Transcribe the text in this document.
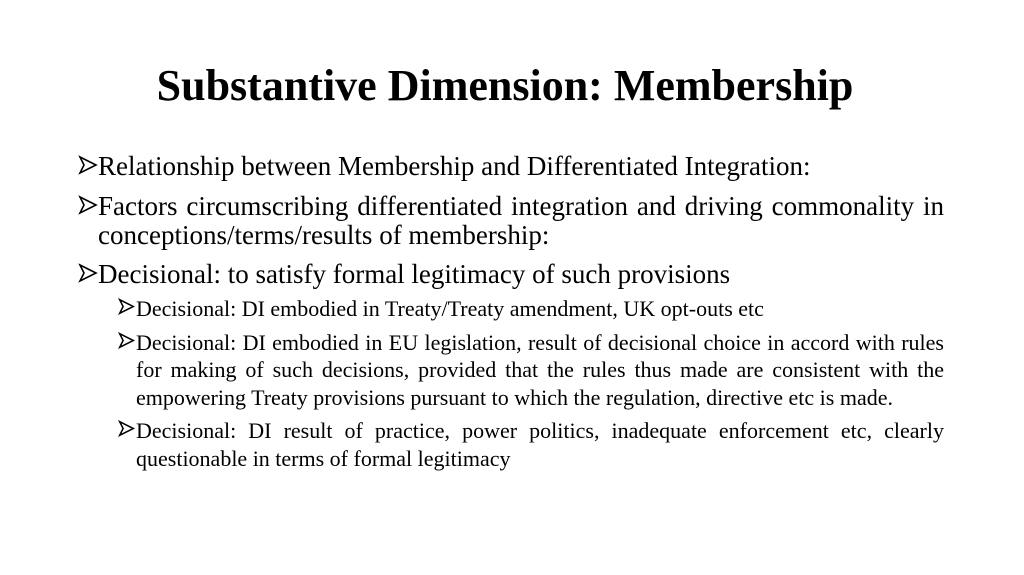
Substantive Dimension: Membership
Relationship between Membership and Differentiated Integration:
Factors circumscribing differentiated integration and driving commonality in conceptions/terms/results of membership:
Decisional: to satisfy formal legitimacy of such provisions
Decisional: DI embodied in Treaty/Treaty amendment, UK opt-outs etc
Decisional: DI embodied in EU legislation, result of decisional choice in accord with rules for making of such decisions, provided that the rules thus made are consistent with the empowering Treaty provisions pursuant to which the regulation, directive etc is made.
Decisional: DI result of practice, power politics, inadequate enforcement etc, clearly questionable in terms of formal legitimacy
